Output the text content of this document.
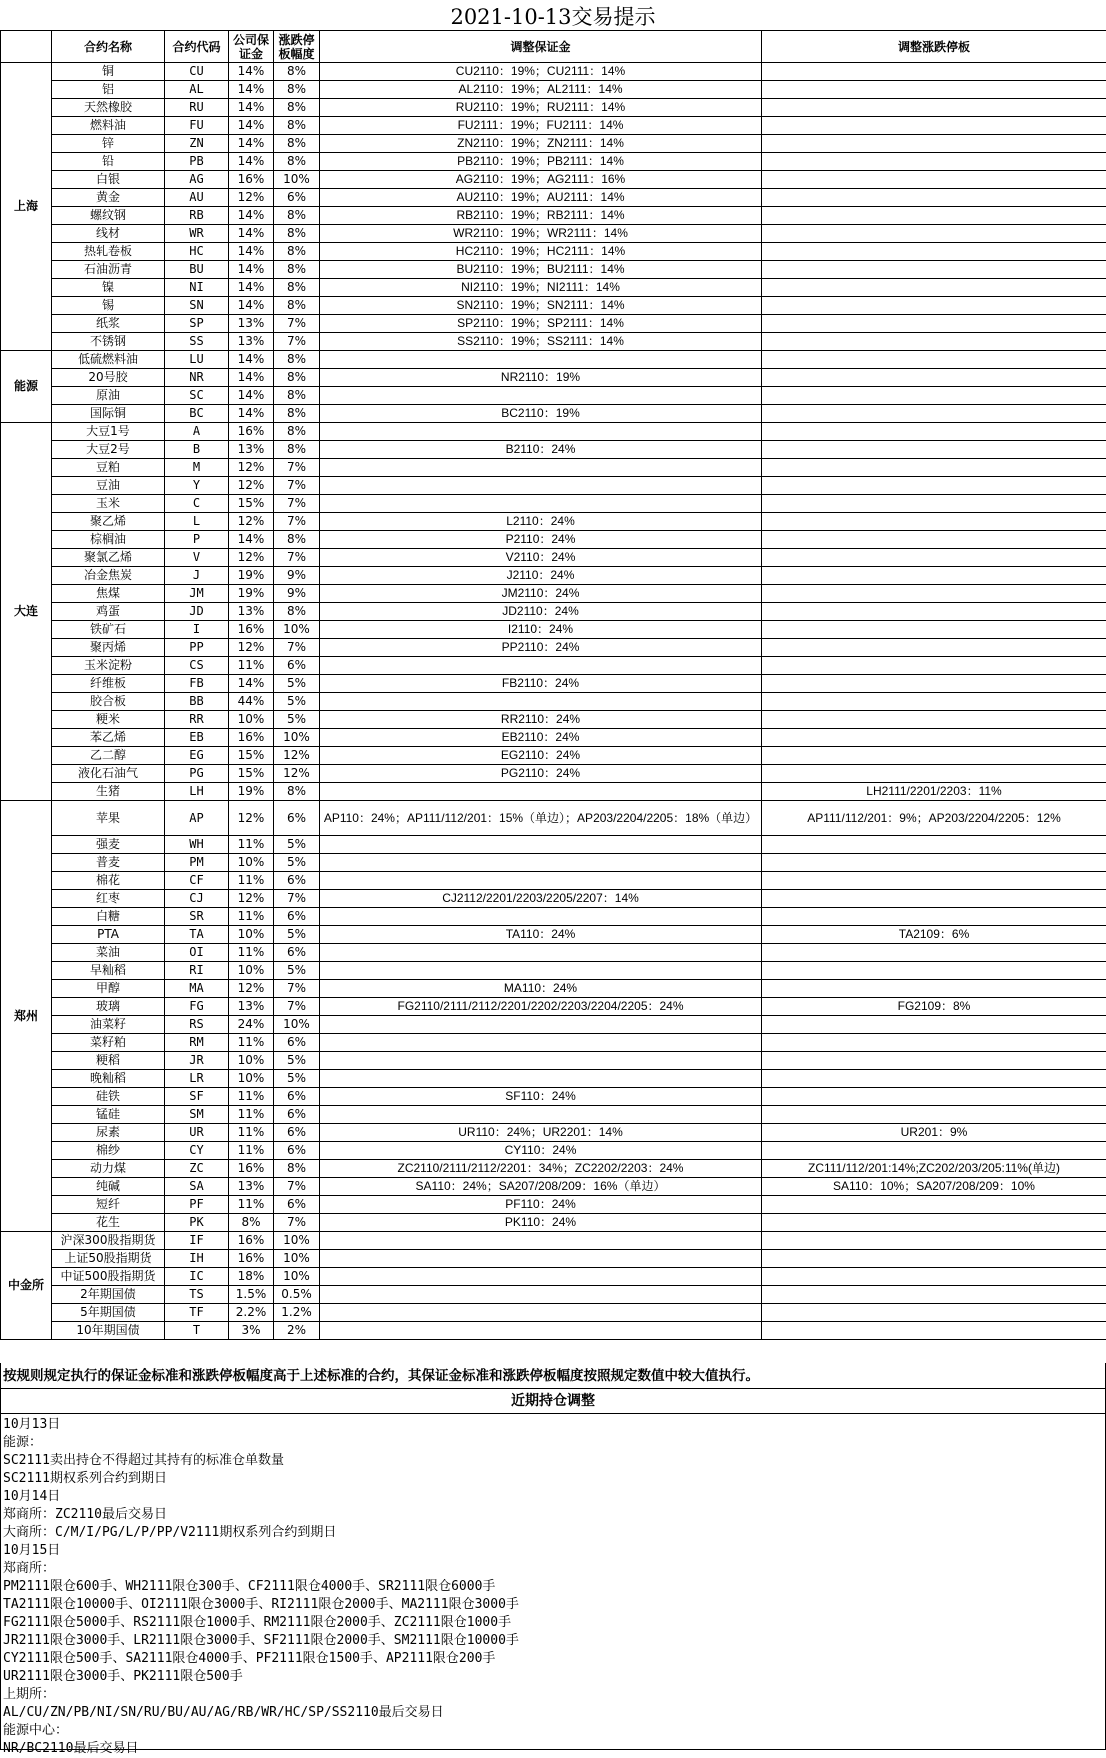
2021-10-13交易提示
	合约名称	合约代码	公司保证金	涨跌停板幅度	调整保证金	调整涨跌停板
上海	铜	CU	14%	8%	CU2110：19%；CU2111：14%	
	铝	AL	14%	8%	AL2110：19%；AL2111：14%	
	天然橡胶	RU	14%	8%	RU2110：19%；RU2111：14%	
	燃料油	FU	14%	8%	FU2111：19%；FU2111：14%	
	锌	ZN	14%	8%	ZN2110：19%；ZN2111：14%	
	铅	PB	14%	8%	PB2110：19%；PB2111：14%	
	白银	AG	16%	10%	AG2110：19%；AG2111：16%	
	黄金	AU	12%	6%	AU2110：19%；AU2111：14%	
	螺纹钢	RB	14%	8%	RB2110：19%；RB2111：14%	
	线材	WR	14%	8%	WR2110：19%；WR2111：14%	
	热轧卷板	HC	14%	8%	HC2110：19%；HC2111：14%	
	石油沥青	BU	14%	8%	BU2110：19%；BU2111：14%	
	镍	NI	14%	8%	NI2110：19%；NI2111：14%	
	锡	SN	14%	8%	SN2110：19%；SN2111：14%	
	纸浆	SP	13%	7%	SP2110：19%；SP2111：14%	
	不锈钢	SS	13%	7%	SS2110：19%；SS2111：14%	
能源	低硫燃料油	LU	14%	8%		
	20号胶	NR	14%	8%	NR2110：19%	
	原油	SC	14%	8%		
	国际铜	BC	14%	8%	BC2110：19%	
大连	大豆1号	A	16%	8%		
	大豆2号	B	13%	8%	B2110：24%	
	豆粕	M	12%	7%		
	豆油	Y	12%	7%		
	玉米	C	15%	7%		
	聚乙烯	L	12%	7%	L2110：24%	
	棕榈油	P	14%	8%	P2110：24%	
	聚氯乙烯	V	12%	7%	V2110：24%	
	冶金焦炭	J	19%	9%	J2110：24%	
	焦煤	JM	19%	9%	JM2110：24%	
	鸡蛋	JD	13%	8%	JD2110：24%	
	铁矿石	I	16%	10%	I2110：24%	
	聚丙烯	PP	12%	7%	PP2110：24%	
	玉米淀粉	CS	11%	6%		
	纤维板	FB	14%	5%	FB2110：24%	
	胶合板	BB	44%	5%		
	粳米	RR	10%	5%	RR2110：24%	
	苯乙烯	EB	16%	10%	EB2110：24%	
	乙二醇	EG	15%	12%	EG2110：24%	
	液化石油气	PG	15%	12%	PG2110：24%	
	生猪	LH	19%	8%		LH2111/2201/2203：11%
郑州	苹果	AP	12%	6%	AP110：24%；AP111/112/201：15%（单边）；AP203/2204/2205：18%（单边）	AP111/112/201：9%；AP203/2204/2205：12%

	强麦	WH	11%	5%		
	普麦	PM	10%	5%		
	棉花	CF	11%	6%		
	红枣	CJ	12%	7%	CJ2112/2201/2203/2205/2207：14%	
	白糖	SR	11%	6%		
	PTA	TA	10%	5%	TA110：24%	TA2109：6%
	菜油	OI	11%	6%		
	早籼稻	RI	10%	5%		
	甲醇	MA	12%	7%	MA110：24%	
	玻璃	FG	13%	7%	FG2110/2111/2112/2201/2202/2203/2204/2205：24%	FG2109：8%
	油菜籽	RS	24%	10%		
	菜籽粕	RM	11%	6%		
	粳稻	JR	10%	5%		
	晚籼稻	LR	10%	5%		
	硅铁	SF	11%	6%	SF110：24%	
	锰硅	SM	11%	6%		
	尿素	UR	11%	6%	UR110：24%；UR2201：14%	UR201：9%
	棉纱	CY	11%	6%	CY110：24%	
	动力煤	ZC	16%	8%	ZC2110/2111/2112/2201：34%；ZC2202/2203：24%	ZC111/112/201:14%;ZC202/203/205:11%(单边)
	纯碱	SA	13%	7%	SA110：24%；SA207/208/209：16%（单边）	SA110：10%；SA207/208/209：10%
	短纤	PF	11%	6%	PF110：24%	
	花生	PK	8%	7%	PK110：24%	
中金所	沪深300股指期货	IF	16%	10%		
	上证50股指期货	IH	16%	10%		
	中证500股指期货	IC	18%	10%		
	2年期国债	TS	1.5%	0.5%		
	5年期国债	TF	2.2%	1.2%		
	10年期国债	T	3%	2%		
按规则规定执行的保证金标准和涨跌停板幅度高于上述标准的合约，其保证金标准和涨跌停板幅度按照规定数值中较大值执行。
近期持仓调整
10月13日
能源：
SC2111卖出持仓不得超过其持有的标准仓单数量
SC2111期权系列合约到期日
10月14日
郑商所：ZC2110最后交易日
大商所：C/M/I/PG/L/P/PP/V2111期权系列合约到期日
10月15日
郑商所：
PM2111限仓600手、WH2111限仓300手、CF2111限仓4000手、SR2111限仓6000手
TA2111限仓10000手、OI2111限仓3000手、RI2111限仓2000手、MA2111限仓3000手
FG2111限仓5000手、RS2111限仓1000手、RM2111限仓2000手、ZC2111限仓1000手
JR2111限仓3000手、LR2111限仓3000手、SF2111限仓2000手、SM2111限仓10000手
CY2111限仓500手、SA2111限仓4000手、PF2111限仓1500手、AP2111限仓200手
UR2111限仓3000手、PK2111限仓500手
上期所：
AL/CU/ZN/PB/NI/SN/RU/BU/AU/AG/RB/WR/HC/SP/SS2110最后交易日
能源中心：
NR/BC2110最后交易日
